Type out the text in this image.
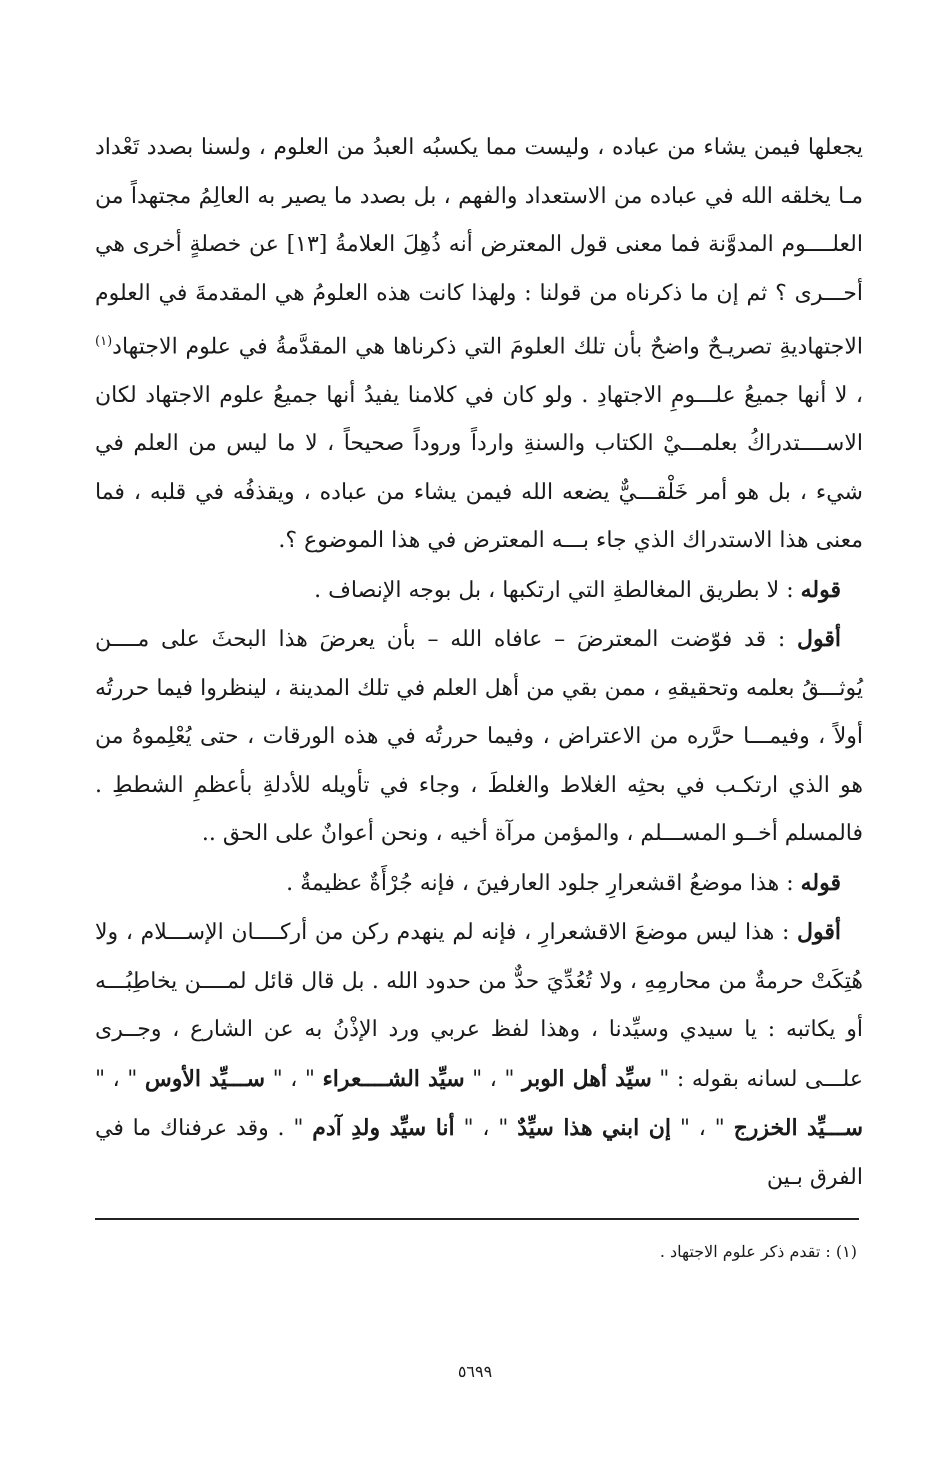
يجعلها فيمن يشاء من عباده ، وليست مما يكسبُه العبدُ من العلوم ، ولسنا بصدد تَعْداد مـا يخلقه الله في عباده من الاستعداد والفهم ، بل بصدد ما يصير به العالِمُ مجتهداً من العلــــوم المدوَّنة فما معنى قول المعترض أنه ذُهِلَ العلامةُ [١٣] عن خصلةٍ أخرى هي أحـــرى ؟ ثم إن ما ذكرناه من قولنا : ولهذا كانت هذه العلومُ هي المقدمةَ في العلوم الاجتهاديةِ تصريـحٌ واضحٌ بأن تلك العلومَ التي ذكرناها هي المقدَّمةُ في علوم الاجتهاد$^{(١)}$ ، لا أنها جميعُ علـــومِ الاجتهادِ . ولو كان في كلامنا يفيدُ أنها جميعُ علوم الاجتهاد لكان الاســــتدراكُ بعلمـــيْ الكتاب والسنةِ وارداً وروداً صحيحاً ، لا ما ليس من العلم في شيء ، بل هو أمر خَلْقـــيٌّ يضعه الله فيمن يشاء من عباده ، ويقذفُه في قلبه ، فما معنى هذا الاستدراك الذي جاء بـــه المعترض في هذا الموضوع ؟.

قوله : لا بطريق المغالطةِ التي ارتكبها ، بل بوجه الإنصاف .

أقول : قد فوّضت المعترضَ – عافاه الله – بأن يعرضَ هذا البحثَ على مــــن يُوثـــقُ بعلمه وتحقيقهِ ، ممن بقي من أهل العلم في تلك المدينة ، لينظروا فيما حررتُه أولاً ، وفيمـــا حرَّره من الاعتراض ، وفيما حررتُه في هذه الورقات ، حتى يُعْلِموهُ من هو الذي ارتكـب في بحثِه الغلاط والغلطَ ، وجاء في تأويله للأدلةِ بأعظمِ الشططِ . فالمسلم أخــو المســـلم ، والمؤمن مرآة أخيه ، ونحن أعوانٌ على الحق ..

قوله : هذا موضعُ اقشعرارِ جلود العارفينَ ، فإنه جُرْأَةٌ عظيمةٌ .

أقول : هذا ليس موضعَ الاقشعرارِ ، فإنه لم ينهدم ركن من أركــــان الإســـلام ، ولا هُتِكَتْ حرمةٌ من محارمِهِ ، ولا تُعُدِّيَ حدٌّ من حدود الله . بل قال قائل لمــــن يخاطِبُـــه أو يكاتبه : يا سيدي وسيِّدنا ، وهذا لفظ عربي ورد الإذْنُ به عن الشارع ، وجــرى علـــى لسانه بقوله : " سيِّد أهل الوبر " ، " سيِّد الشــــعراء " ، " ســـيِّد الأوس " ، " ســـيِّد الخزرج " ، " إن ابني هذا سيِّدٌ " ، " أنا سيِّد ولدِ آدم " . وقد عرفناك ما في الفرق بـين

(١) : تقدم ذكر علوم الاجتهاد .
٥٦٩٩
